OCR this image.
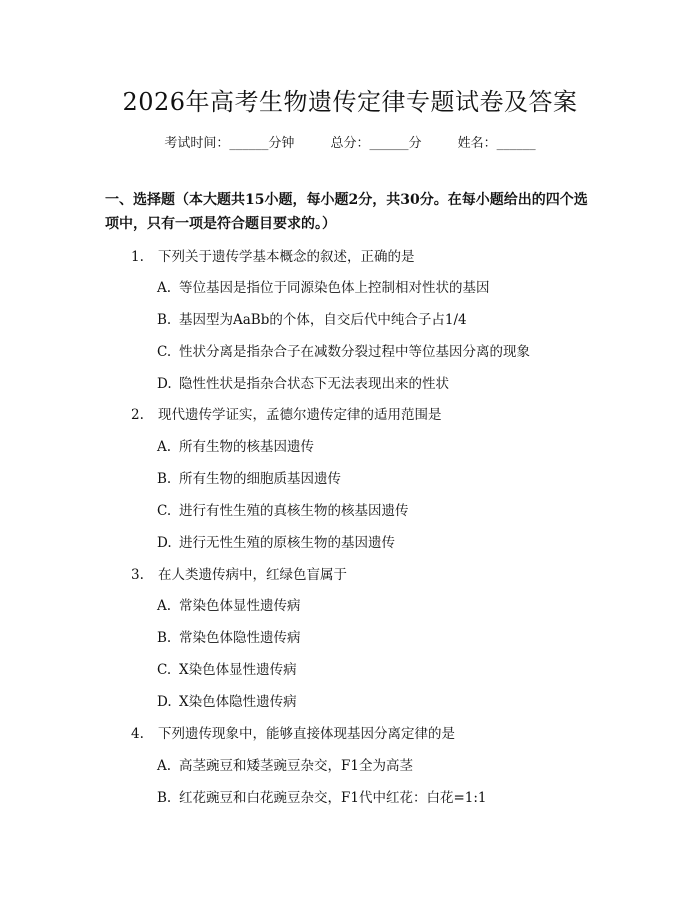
2026年高考生物遗传定律专题试卷及答案
考试时间：______分钟	总分：______分	姓名：______
一、选择题（本大题共15小题，每小题2分，共30分。在每小题给出的四个选项中，只有一项是符合题目要求的。）
1. 下列关于遗传学基本概念的叙述，正确的是
A. 等位基因是指位于同源染色体上控制相对性状的基因
B. 基因型为AaBb的个体，自交后代中纯合子占1/4
C. 性状分离是指杂合子在减数分裂过程中等位基因分离的现象
D. 隐性性状是指杂合状态下无法表现出来的性状
2. 现代遗传学证实，孟德尔遗传定律的适用范围是
A. 所有生物的核基因遗传
B. 所有生物的细胞质基因遗传
C. 进行有性生殖的真核生物的核基因遗传
D. 进行无性生殖的原核生物的基因遗传
3. 在人类遗传病中，红绿色盲属于
A. 常染色体显性遗传病
B. 常染色体隐性遗传病
C. X染色体显性遗传病
D. X染色体隐性遗传病
4. 下列遗传现象中，能够直接体现基因分离定律的是
A. 高茎豌豆和矮茎豌豆杂交，F1全为高茎
B. 红花豌豆和白花豌豆杂交，F1代中红花：白花=1:1
